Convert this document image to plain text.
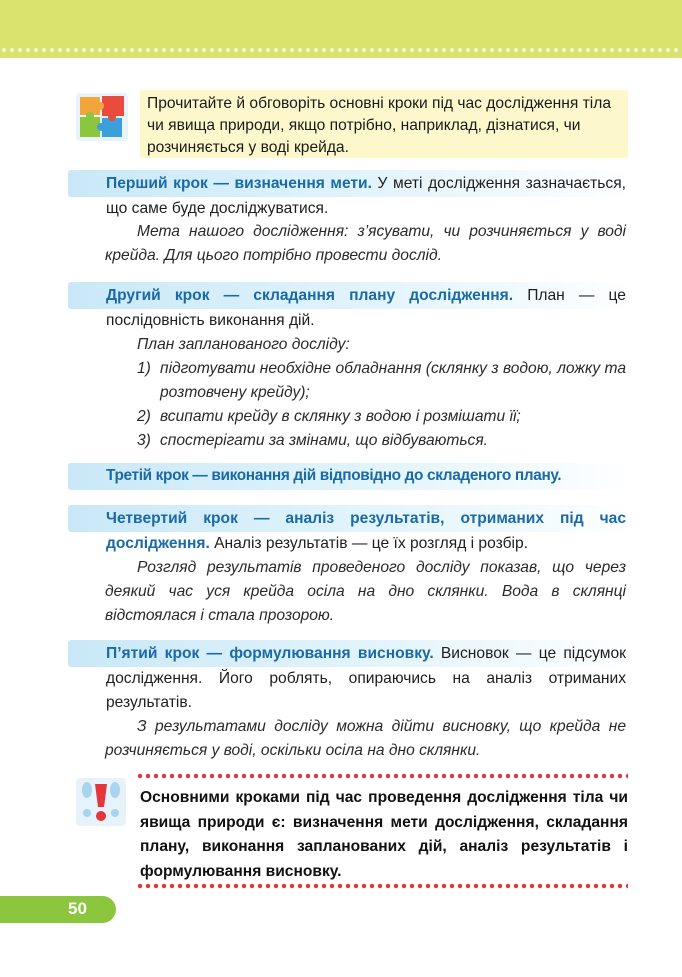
Прочитайте й обговоріть основні кроки під час дослідження тіла чи явища природи, якщо потрібно, наприклад, дізнатися, чи розчиняється у воді крейда.
Перший крок — визначення мети. У меті дослідження зазначається, що саме буде досліджуватися.
Мета нашого дослідження: з’ясувати, чи розчиняється у воді крейда. Для цього потрібно провести дослід.
Другий крок — складання плану дослідження. План — це послідовність виконання дій.
План запланованого досліду:
1) підготувати необхідне обладнання (склянку з водою, ложку та розтовчену крейду);
2) всипати крейду в склянку з водою і розмішати її;
3) спостерігати за змінами, що відбуваються.
Третій крок — виконання дій відповідно до складеного плану.
Четвертий крок — аналіз результатів, отриманих під час дослідження. Аналіз результатів — це їх розгляд і розбір.
Розгляд результатів проведеного досліду показав, що через деякий час уся крейда осіла на дно склянки. Вода в склянці відстоялася і стала прозорою.
П’ятий крок — формулювання висновку. Висновок — це підсумок дослідження. Його роблять, опираючись на аналіз отриманих результатів.
З результатами досліду можна дійти висновку, що крейда не розчиняється у воді, оскільки осіла на дно склянки.
Основними кроками під час проведення дослідження тіла чи явища природи є: визначення мети дослідження, складання плану, виконання запланованих дій, аналіз результатів і формулювання висновку.
50
